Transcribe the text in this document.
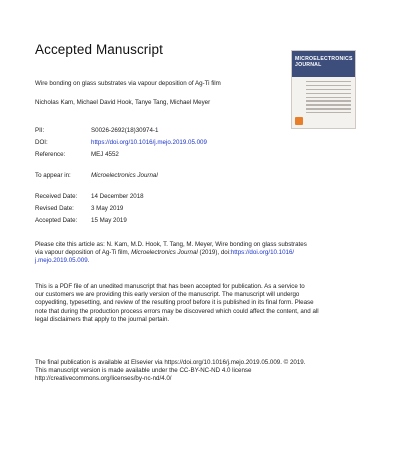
Accepted Manuscript
MICROELECTRONICS
JOURNAL
Wire bonding on glass substrates via vapour deposition of Ag-Ti film
Nicholas Kam, Michael David Hook, Tanye Tang, Michael Meyer
PII:	S0026-2692(18)30974-1
DOI:	https://doi.org/10.1016/j.mejo.2019.05.009
Reference:	MEJ 4552
To appear in:	Microelectronics Journal
Received Date: 14 December 2018
Revised Date:	3 May 2019
Accepted Date: 15 May 2019

Please cite this article as: N. Kam, M.D. Hook, T. Tang, M. Meyer, Wire bonding on glass substrates

via vapour deposition of Ag-Ti film, Microelectronics Journal (2019), doi:https://doi.org/10.1016/

j.mejo.2019.05.009.

This is a PDF file of an unedited manuscript that has been accepted for publication. As a service to

our customers we are providing this early version of the manuscript. The manuscript will undergo

copyediting, typesetting, and review of the resulting proof before it is published in its final form. Please

note that during the production process errors may be discovered which could affect the content, and all

legal disclaimers that apply to the journal pertain.

The final publication is available at Elsevier via https://doi.org/10.1016/j.mejo.2019.05.009. © 2019.

This manuscript version is made available under the CC-BY-NC-ND 4.0 license

http://creativecommons.org/licenses/by-nc-nd/4.0/
